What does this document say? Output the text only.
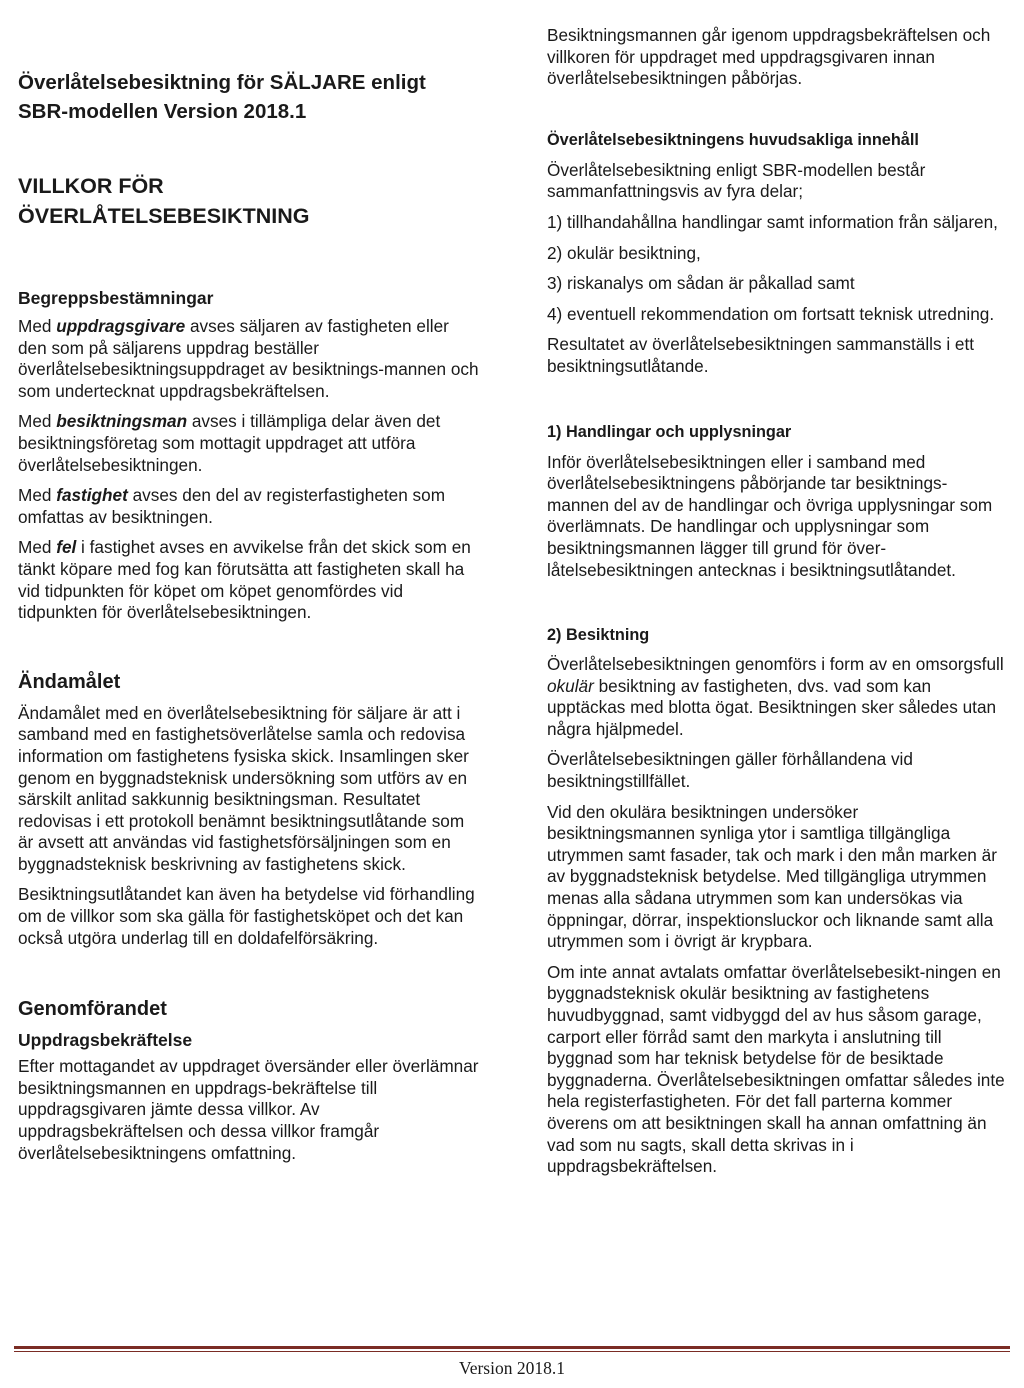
Överlåtelsebesiktning för SÄLJARE enligt
SBR-modellen Version 2018.1
VILLKOR FÖR
ÖVERLÅTELSEBESIKTNING
Begreppsbestämningar

Med uppdragsgivare avses säljaren av fastigheten eller den som på säljarens uppdrag beställer överlåtelsebesiktningsuppdraget av besiktnings-mannen och som undertecknat uppdragsbekräftelsen.

Med besiktningsman avses i tillämpliga delar även det besiktningsföretag som mottagit uppdraget att utföra överlåtelsebesiktningen.

Med fastighet avses den del av registerfastigheten som omfattas av besiktningen.

Med fel i fastighet avses en avvikelse från det skick som en tänkt köpare med fog kan förutsätta att fastigheten skall ha vid tidpunkten för köpet om köpet genomfördes vid tidpunkten för överlåtelsebesiktningen.

Ändamålet

Ändamålet med en överlåtelsebesiktning för säljare är att i samband med en fastighetsöverlåtelse samla och redovisa information om fastighetens fysiska skick. Insamlingen sker genom en byggnadsteknisk undersökning som utförs av en särskilt anlitad sakkunnig besiktningsman. Resultatet redovisas i ett protokoll benämnt besiktningsutlåtande som är avsett att användas vid fastighetsförsäljningen som en byggnadsteknisk beskrivning av fastighetens skick.

Besiktningsutlåtandet kan även ha betydelse vid förhandling om de villkor som ska gälla för fastighetsköpet och det kan också utgöra underlag till en doldafelförsäkring.

Genomförandet
Uppdragsbekräftelse

Efter mottagandet av uppdraget översänder eller överlämnar besiktningsmannen en uppdrags-bekräftelse till uppdragsgivaren jämte dessa villkor. Av uppdragsbekräftelsen och dessa villkor framgår överlåtelsebesiktningens omfattning.

Besiktningsmannen går igenom uppdragsbekräftelsen och villkoren för uppdraget med uppdragsgivaren innan överlåtelsebesiktningen påbörjas.

Överlåtelsebesiktningens huvudsakliga innehåll

Överlåtelsebesiktning enligt SBR-modellen består sammanfattningsvis av fyra delar;

1) tillhandahållna handlingar samt information från säljaren,

2) okulär besiktning,

3) riskanalys om sådan är påkallad samt

4) eventuell rekommendation om fortsatt teknisk utredning.

Resultatet av överlåtelsebesiktningen sammanställs i ett besiktningsutlåtande.

1) Handlingar och upplysningar

Inför överlåtelsebesiktningen eller i samband med överlåtelsebesiktningens påbörjande tar besiktnings-mannen del av de handlingar och övriga upplysningar som överlämnats. De handlingar och upplysningar som besiktningsmannen lägger till grund för över-låtelsebesiktningen antecknas i besiktningsutlåtandet.

2) Besiktning

Överlåtelsebesiktningen genomförs i form av en omsorgsfull okulär besiktning av fastigheten, dvs. vad som kan upptäckas med blotta ögat. Besiktningen sker således utan några hjälpmedel.

Överlåtelsebesiktningen gäller förhållandena vid besiktningstillfället.

Vid den okulära besiktningen undersöker besiktningsmannen synliga ytor i samtliga tillgängliga utrymmen samt fasader, tak och mark i den mån marken är av byggnadsteknisk betydelse. Med tillgängliga utrymmen menas alla sådana utrymmen som kan undersökas via öppningar, dörrar, inspektionsluckor och liknande samt alla utrymmen som i övrigt är krypbara.

Om inte annat avtalats omfattar överlåtelsebesikt-ningen en byggnadsteknisk okulär besiktning av fastighetens huvudbyggnad, samt vidbyggd del av hus såsom garage, carport eller förråd samt den markyta i anslutning till byggnad som har teknisk betydelse för de besiktade byggnaderna. Överlåtelsebesiktningen omfattar således inte hela registerfastigheten. För det fall parterna kommer överens om att besiktningen skall ha annan omfattning än vad som nu sagts, skall detta skrivas in i uppdragsbekräftelsen.

Version 2018.1
